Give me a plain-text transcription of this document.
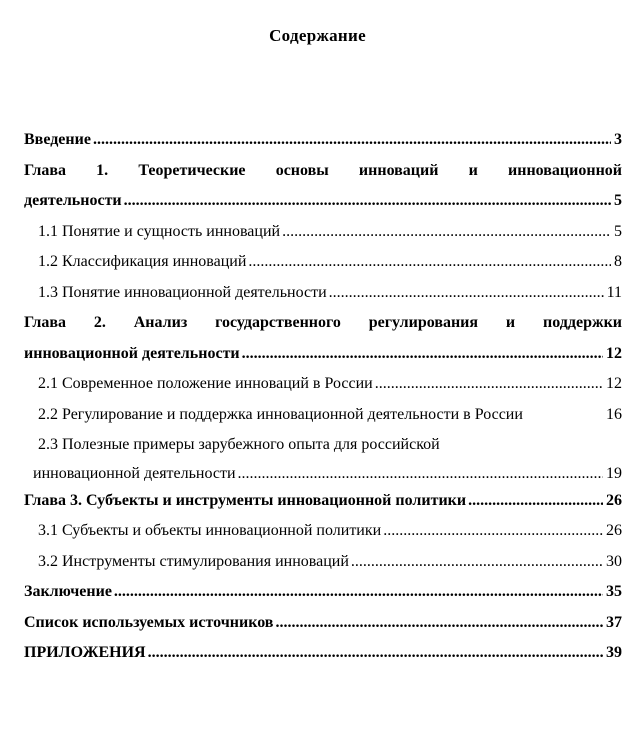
Содержание
Введение .....	3
Глава 1. Теоретические основы инноваций и инновационной
деятельности .....	5
1.1 Понятие и сущность инноваций .....	5
1.2 Классификация инноваций .....	8
1.3 Понятие инновационной деятельности .....	11
Глава 2. Анализ государственного регулирования и поддержки
инновационной деятельности .....	12
2.1 Современное положение инноваций в России .....	12
2.2 Регулирование и поддержка инновационной деятельности в России	16
2.3 Полезные примеры зарубежного опыта для российской
инновационной деятельности .....	19
Глава 3. Субъекты и инструменты инновационной политики .....	26
3.1 Субъекты и объекты инновационной политики .....	26
3.2 Инструменты стимулирования инноваций .....	30
Заключение .....	35
Список используемых источников .....	37
ПРИЛОЖЕНИЯ .....	39
